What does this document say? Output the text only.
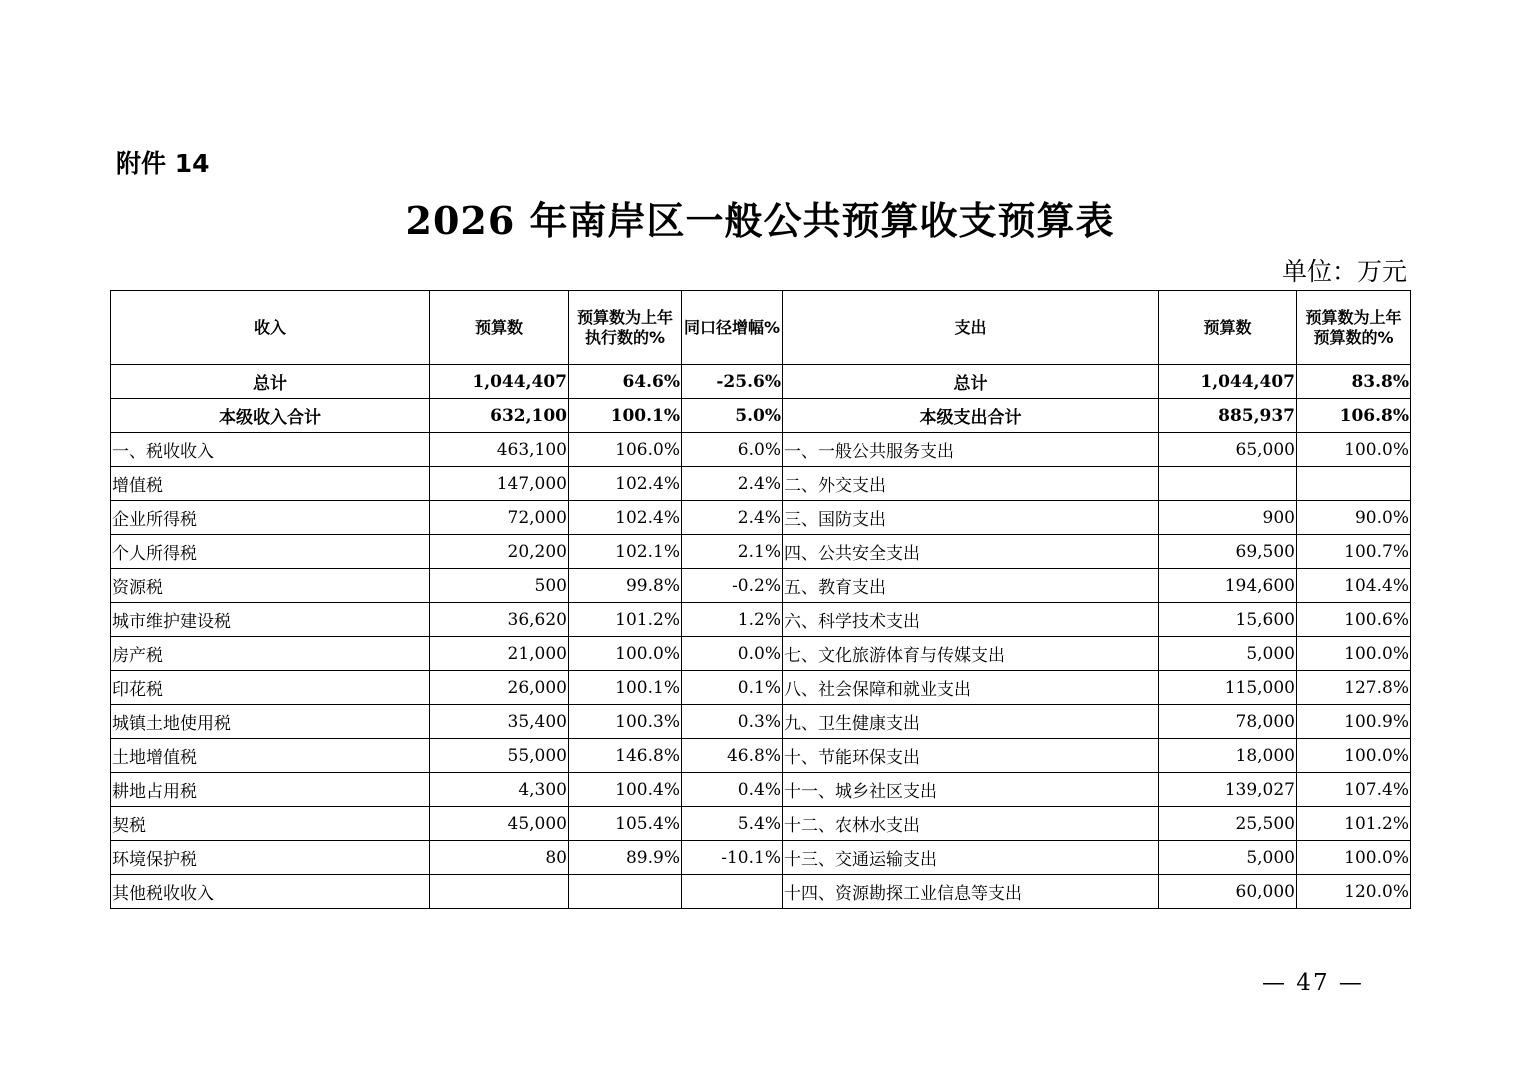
附件 14
2026 年南岸区一般公共预算收支预算表
单位：万元
收入	预算数	预算数为上年执行数的%	同口径增幅%	支出	预算数	预算数为上年预算数的%
总计	1,044,407	64.6%	-25.6%	总计	1,044,407	83.8%
本级收入合计	632,100	100.1%	5.0%	本级支出合计	885,937	106.8%
一、税收收入	463,100	106.0%	6.0%	一、一般公共服务支出	65,000	100.0%
增值税	147,000	102.4%	2.4%	二、外交支出		
企业所得税	72,000	102.4%	2.4%	三、国防支出	900	90.0%
个人所得税	20,200	102.1%	2.1%	四、公共安全支出	69,500	100.7%
资源税	500	99.8%	-0.2%	五、教育支出	194,600	104.4%
城市维护建设税	36,620	101.2%	1.2%	六、科学技术支出	15,600	100.6%
房产税	21,000	100.0%	0.0%	七、文化旅游体育与传媒支出	5,000	100.0%
印花税	26,000	100.1%	0.1%	八、社会保障和就业支出	115,000	127.8%
城镇土地使用税	35,400	100.3%	0.3%	九、卫生健康支出	78,000	100.9%
土地增值税	55,000	146.8%	46.8%	十、节能环保支出	18,000	100.0%
耕地占用税	4,300	100.4%	0.4%	十一、城乡社区支出	139,027	107.4%
契税	45,000	105.4%	5.4%	十二、农林水支出	25,500	101.2%
环境保护税	80	89.9%	-10.1%	十三、交通运输支出	5,000	100.0%
其他税收收入				十四、资源勘探工业信息等支出	60,000	120.0%
— 47 —
